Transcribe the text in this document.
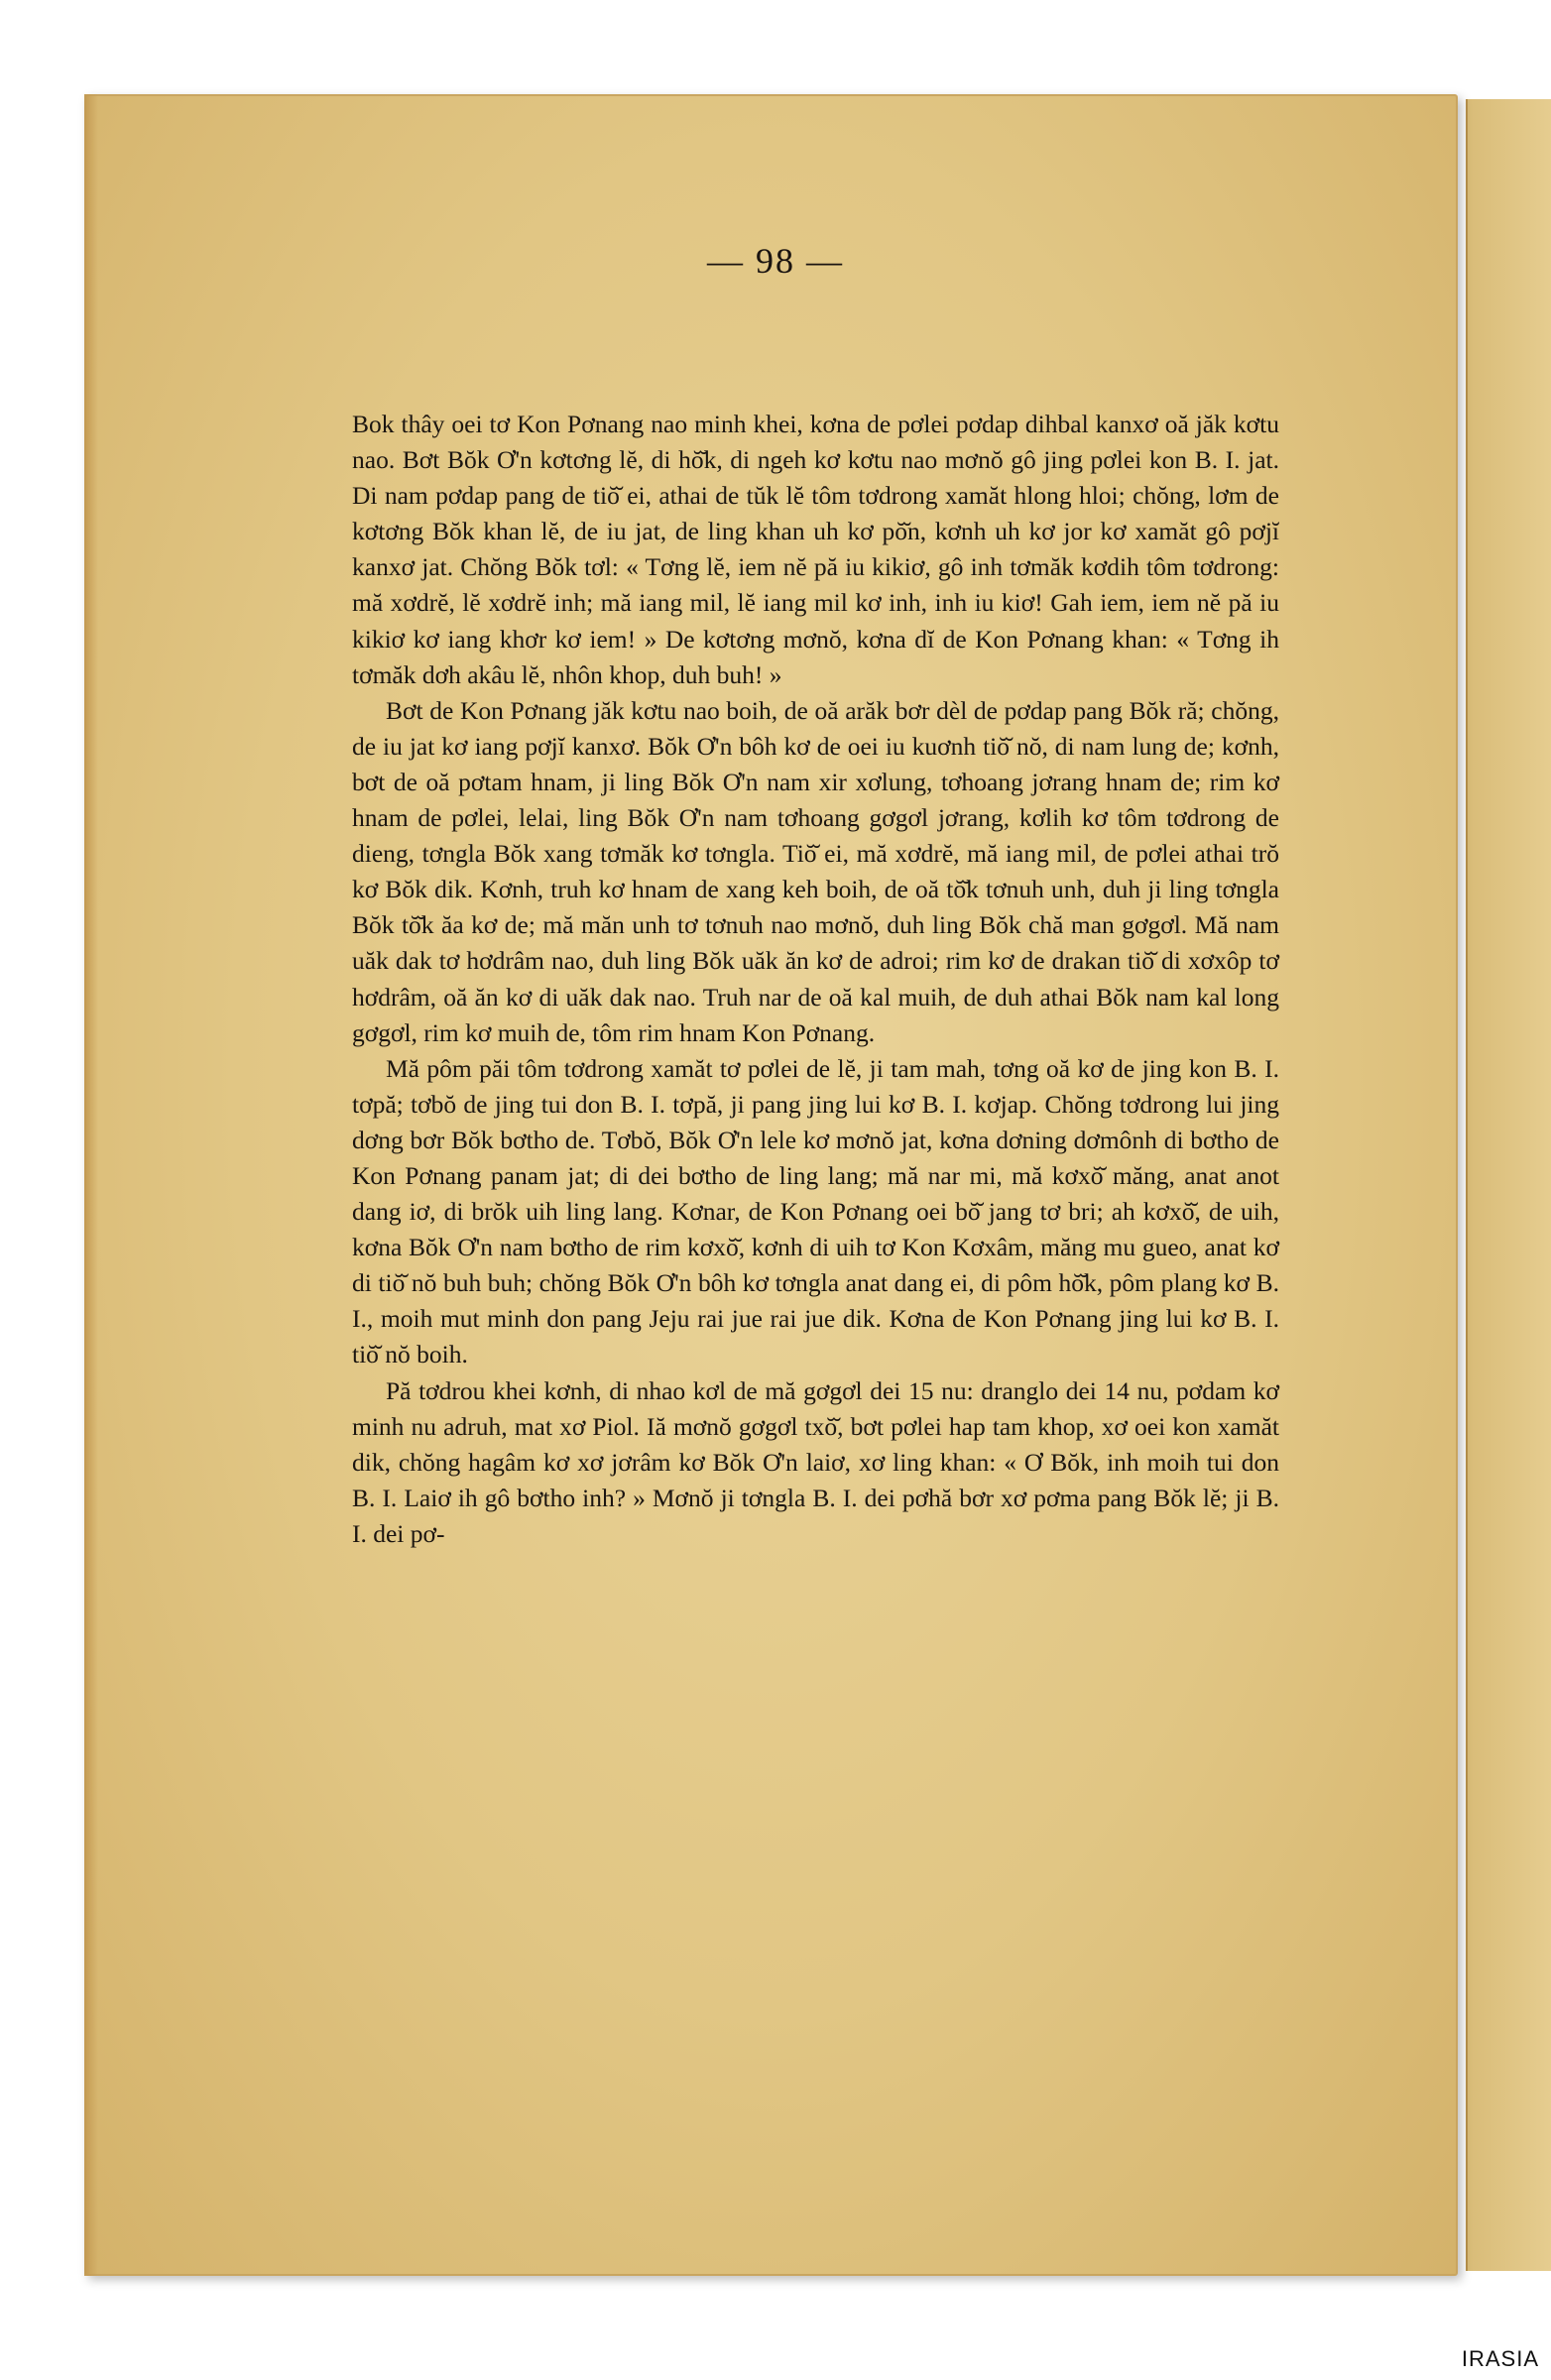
— 98 —

Bok thây oei tơ Kon Pơnang nao minh khei, kơna de pơlei pơdap dihbal kanxơ oă jăk kơtu nao. Bơt Bŏk Ơ'n kơtơng lĕ, di hŏ̆k, di ngeh kơ kơtu nao mơnŏ gô jing pơlei kon B. I. jat. Di nam pơdap pang de tiŏ̆ ei, athai de tŭk lĕ tôm tơdrong xamăt hlong hloi; chŏng, lơm de kơtơng Bŏk khan lĕ, de iu jat, de ling khan uh kơ pŏ̆n, kơnh uh kơ jor kơ xamăt gô pơjĭ kanxơ jat. Chŏng Bŏk tơl: « Tơng lĕ, iem nĕ pă iu kikiơ, gô inh tơmăk kơdih tôm tơdrong: mă xơdrĕ, lĕ xơdrĕ inh; mă iang mil, lĕ iang mil kơ inh, inh iu kiơ! Gah iem, iem nĕ pă iu kikiơ kơ iang khơr kơ iem! » De kơtơng mơnŏ, kơna dĭ de Kon Pơnang khan: « Tơng ih tơmăk dơh akâu lĕ, nhôn khop, duh buh! »

Bơt de Kon Pơnang jăk kơtu nao boih, de oă arăk bơr dèl de pơdap pang Bŏk ră; chŏng, de iu jat kơ iang pơjĭ kanxơ. Bŏk Ơ'n bôh kơ de oei iu kuơnh tiŏ̆ nŏ, di nam lung de; kơnh, bơt de oă pơtam hnam, ji ling Bŏk Ơ'n nam xir xơlung, tơhoang jơrang hnam de; rim kơ hnam de pơlei, lelai, ling Bŏk Ơ'n nam tơhoang gơgơl jơrang, kơlih kơ tôm tơdrong de dieng, tơngla Bŏk xang tơmăk kơ tơngla. Tiŏ̆ ei, mă xơdrĕ, mă iang mil, de pơlei athai trŏ kơ Bŏk dik. Kơnh, truh kơ hnam de xang keh boih, de oă tŏ̆k tơnuh unh, duh ji ling tơngla Bŏk tŏ̆k ăa kơ de; mă măn unh tơ tơnuh nao mơnŏ, duh ling Bŏk chă man gơgơl. Mă nam uăk dak tơ hơdrâm nao, duh ling Bŏk uăk ăn kơ de adroi; rim kơ de drakan tiŏ̆ di xơxôp tơ hơdrâm, oă ăn kơ di uăk dak nao. Truh nar de oă kal muih, de duh athai Bŏk nam kal long gơgơl, rim kơ muih de, tôm rim hnam Kon Pơnang.

Mă pôm păi tôm tơdrong xamăt tơ pơlei de lĕ, ji tam mah, tơng oă kơ de jing kon B. I. tơpă; tơbŏ de jing tui don B. I. tơpă, ji pang jing lui kơ B. I. kơjap. Chŏng tơdrong lui jing dơng bơr Bŏk bơtho de. Tơbŏ, Bŏk Ơ'n lele kơ mơnŏ jat, kơna dơning dơmônh di bơtho de Kon Pơnang panam jat; di dei bơtho de ling lang; mă nar mi, mă kơxŏ̆ măng, anat anot dang iơ, di brŏk uih ling lang. Kơnar, de Kon Pơnang oei bŏ̆ jang tơ bri; ah kơxŏ̆, de uih, kơna Bŏk Ơ'n nam bơtho de rim kơxŏ̆, kơnh di uih tơ Kon Kơxâm, măng mu gueo, anat kơ di tiŏ̆ nŏ buh buh; chŏng Bŏk Ơ'n bôh kơ tơngla anat dang ei, di pôm hŏ̆k, pôm plang kơ B. I., moih mut minh don pang Jeju rai jue rai jue dik. Kơna de Kon Pơnang jing lui kơ B. I. tiŏ̆ nŏ boih.

Pă tơdrou khei kơnh, di nhao kơl de mă gơgơl dei 15 nu: dranglo dei 14 nu, pơdam kơ minh nu adruh, mat xơ Piol. Iă mơnŏ gơgơl txŏ̆, bơt pơlei hap tam khop, xơ oei kon xamăt dik, chŏng hagâm kơ xơ jơrâm kơ Bŏk Ơ'n laiơ, xơ ling khan: « Ơ Bŏk, inh moih tui don B. I. Laiơ ih gô bơtho inh? » Mơnŏ ji tơngla B. I. dei pơhă bơr xơ pơma pang Bŏk lĕ; ji B. I. dei pơ-

IRASIA
